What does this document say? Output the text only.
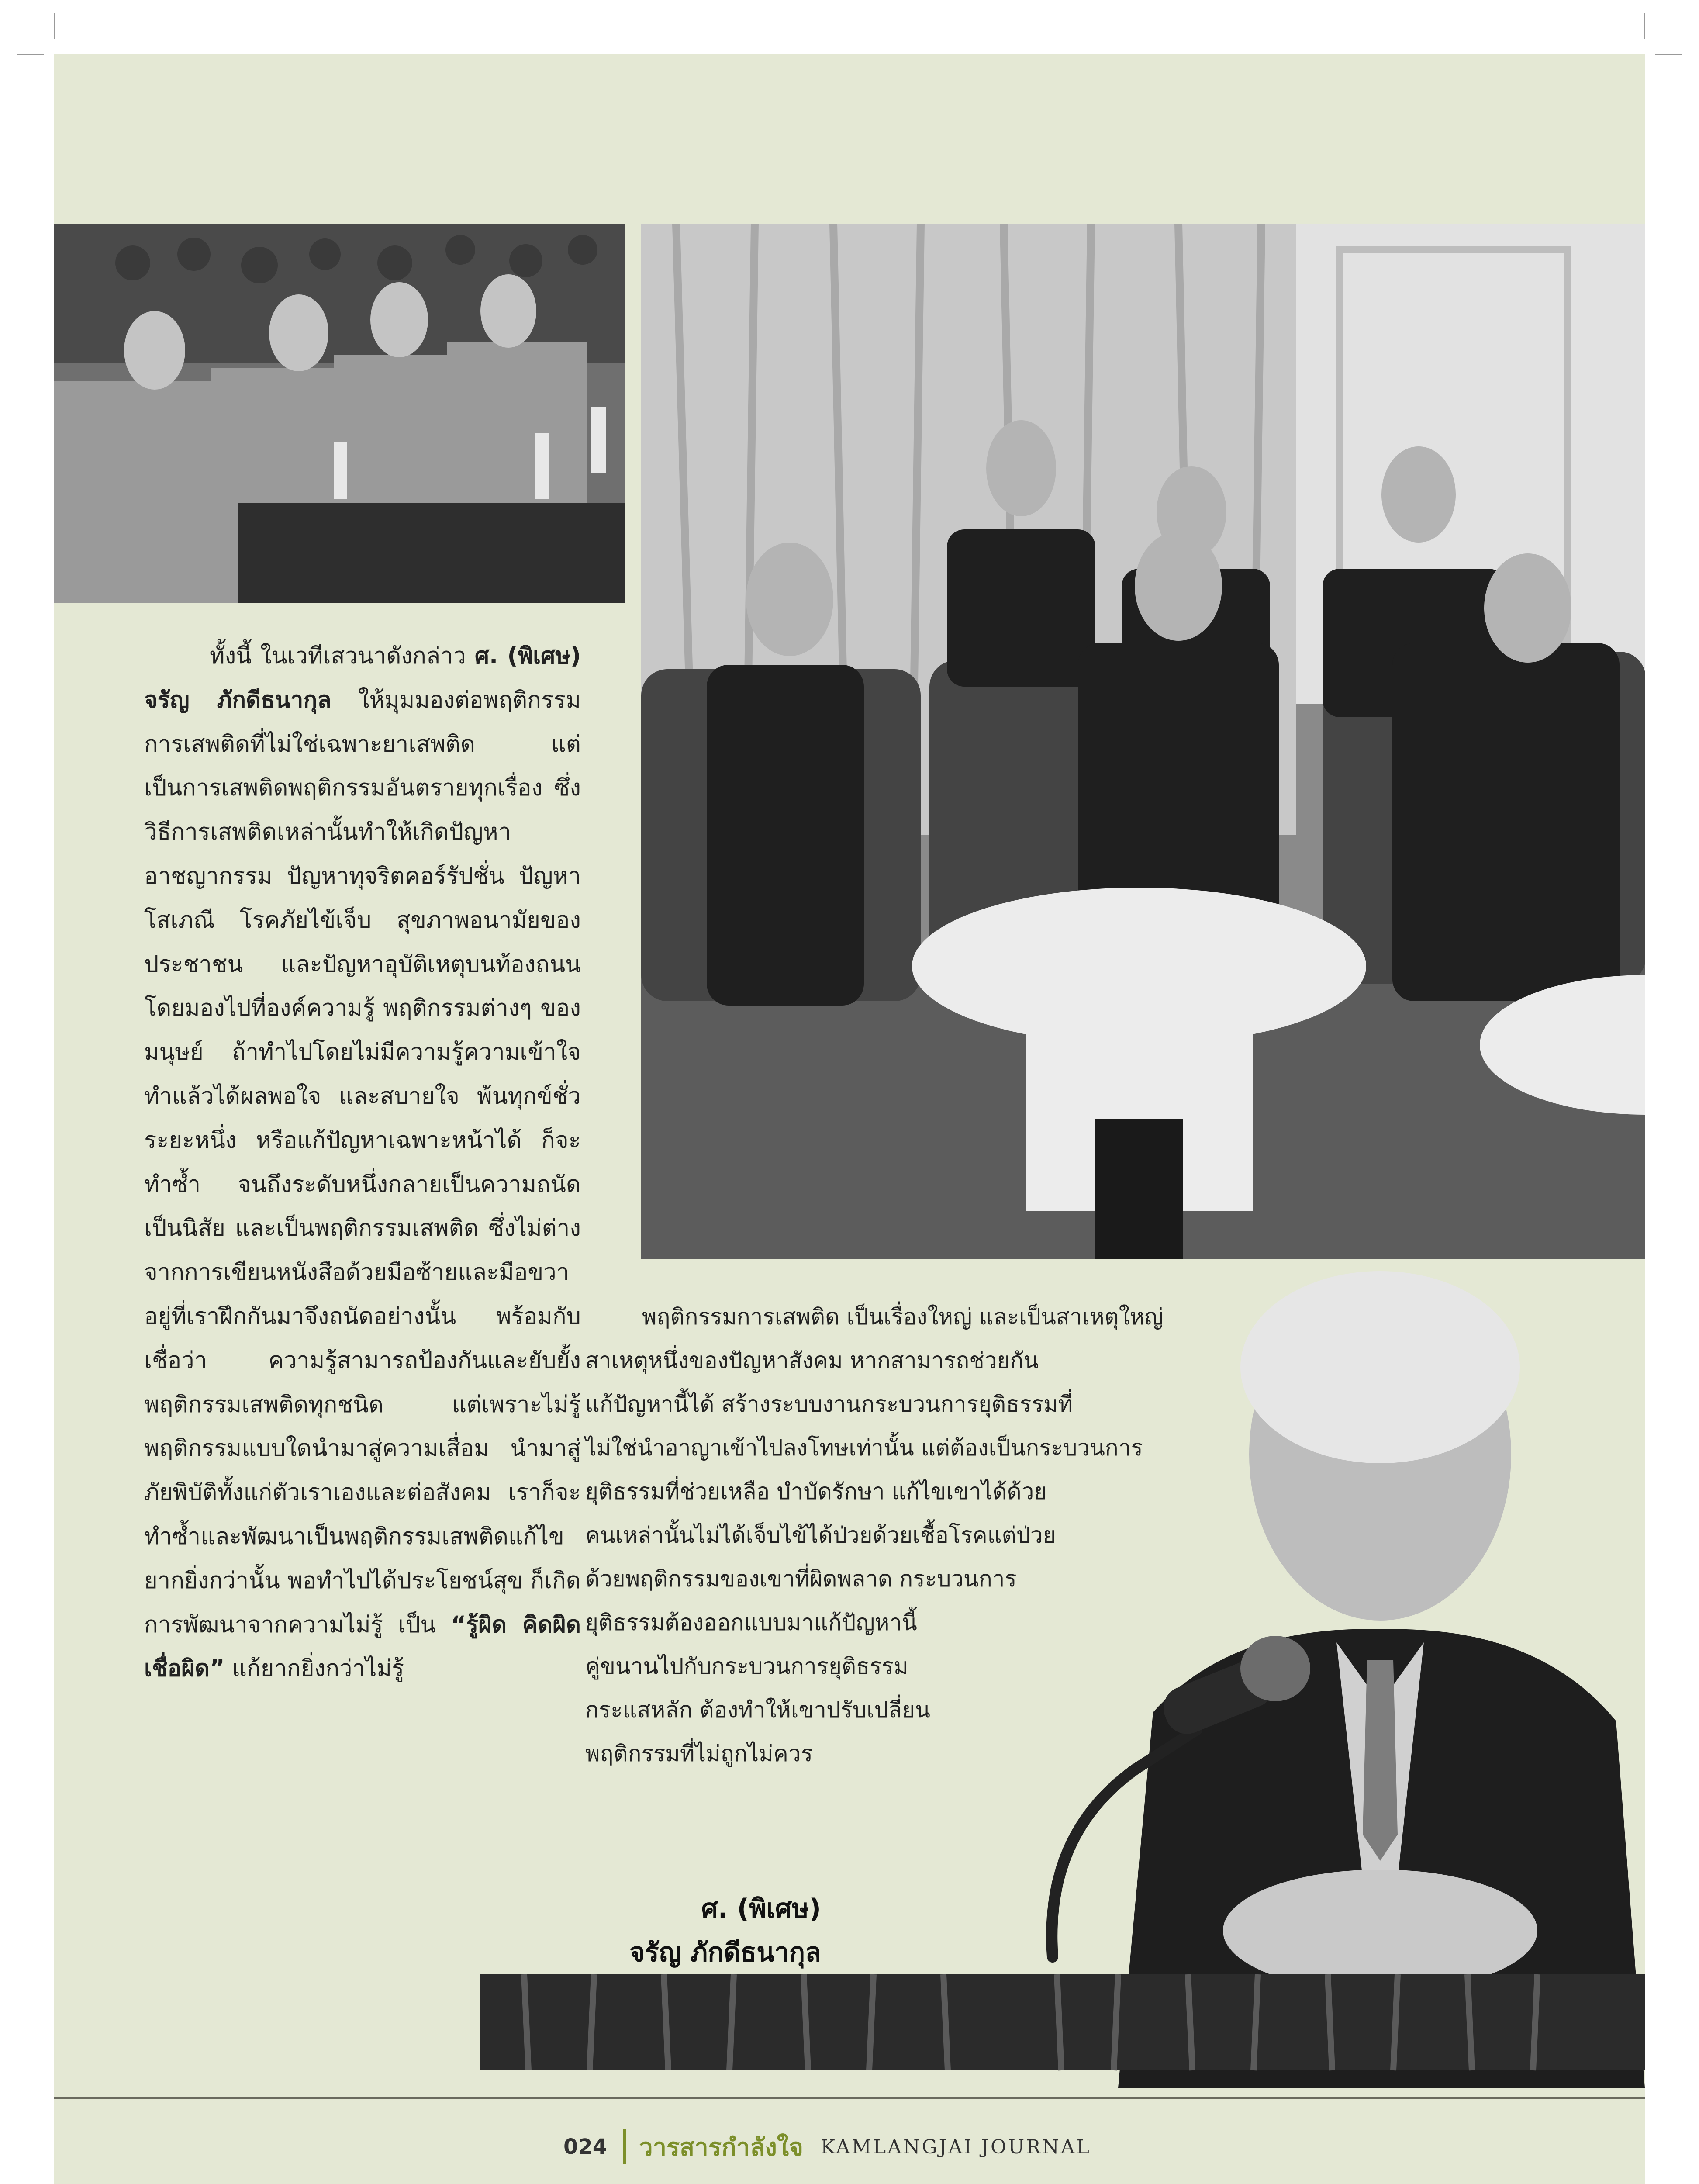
ทั้งนี้ ในเวทีเสวนาดังกล่าว ศ. (พิเศษ) จรัญ ภักดีธนากุล ให้มุมมองต่อพฤติกรรมการเสพติดที่ไม่ใช่เฉพาะยาเสพติด แต่เป็นการเสพติดพฤติกรรมอันตรายทุกเรื่อง ซึ่งวิธีการเสพติดเหล่านั้นทำให้เกิดปัญหาอาชญากรรม ปัญหาทุจริตคอร์รัปชั่น ปัญหาโสเภณี โรคภัยไข้เจ็บ สุขภาพอนามัยของประชาชน และปัญหาอุบัติเหตุบนท้องถนน โดยมองไปที่องค์ความรู้ พฤติกรรมต่างๆ ของมนุษย์ ถ้าทำไปโดยไม่มีความรู้ความเข้าใจ ทำแล้วได้ผลพอใจ และสบายใจ พ้นทุกข์ชั่วระยะหนึ่ง หรือแก้ปัญหาเฉพาะหน้าได้ ก็จะทำซ้ำ จนถึงระดับหนึ่งกลายเป็นความถนัด เป็นนิสัย และเป็นพฤติกรรมเสพติด ซึ่งไม่ต่างจากการเขียนหนังสือด้วยมือซ้ายและมือขวา อยู่ที่เราฝึกกันมาจึงถนัดอย่างนั้น พร้อมกับเชื่อว่า ความรู้สามารถป้องกันและยับยั้งพฤติกรรมเสพติดทุกชนิด แต่เพราะไม่รู้พฤติกรรมแบบใดนำมาสู่ความเสื่อม นำมาสู่ภัยพิบัติทั้งแก่ตัวเราเองและต่อสังคม เราก็จะทำซ้ำและพัฒนาเป็นพฤติกรรมเสพติดแก้ไขยากยิ่งกว่านั้น พอทำไปได้ประโยชน์สุข ก็เกิดการพัฒนาจากความไม่รู้ เป็น “รู้ผิด คิดผิด เชื่อผิด” แก้ยากยิ่งกว่าไม่รู้

พฤติกรรมการเสพติด เป็นเรื่องใหญ่ และเป็นสาเหตุใหญ่
สาเหตุหนึ่งของปัญหาสังคม หากสามารถช่วยกัน
แก้ปัญหานี้ได้ สร้างระบบงานกระบวนการยุติธรรมที่
ไม่ใช่นำอาญาเข้าไปลงโทษเท่านั้น แต่ต้องเป็นกระบวนการ
ยุติธรรมที่ช่วยเหลือ บำบัดรักษา แก้ไขเขาได้ด้วย
คนเหล่านั้นไม่ได้เจ็บไข้ได้ป่วยด้วยเชื้อโรคแต่ป่วย
ด้วยพฤติกรรมของเขาที่ผิดพลาด กระบวนการ
ยุติธรรมต้องออกแบบมาแก้ปัญหานี้
คู่ขนานไปกับกระบวนการยุติธรรม
กระแสหลัก ต้องทำให้เขาปรับเปลี่ยน
พฤติกรรมที่ไม่ถูกไม่ควร
ศ. (พิเศษ)
จรัญ ภักดีธนากุล
024 วารสารกำลังใจ KAMLANGJAI JOURNAL
